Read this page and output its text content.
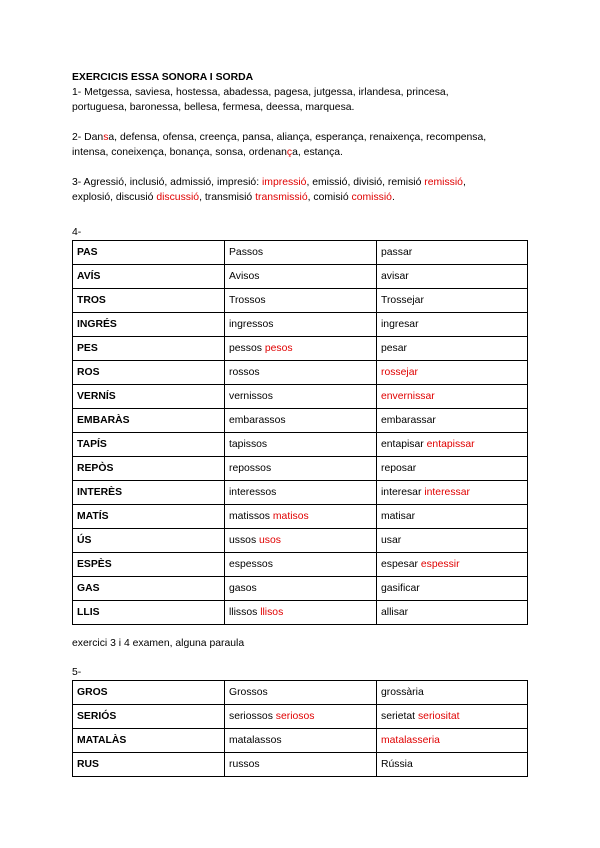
EXERCICIS ESSA SONORA I SORDA

1- Metgessa, saviesa, hostessa, abadessa, pagesa, jutgessa, irlandesa, princesa,

portuguesa, baronessa, bellesa, fermesa, deessa, marquesa.

2- Dansa, defensa, ofensa, creença, pansa, aliança, esperança, renaixença, recompensa,

intensa, coneixença, bonança, sonsa, ordenança, estança.

3- Agressió, inclusió, admissió, impresió: impressió, emissió, divisió, remisió remissió,

explosió, discusió discussió, transmisió transmissió, comisió comissió.

4-

PAS	Passos	passar
AVÍS	Avisos	avisar
TROS	Trossos	Trossejar
INGRÉS	ingressos	ingresar
PES	pessos pesos	pesar
ROS	rossos	rossejar
VERNÍS	vernissos	envernissar
EMBARÀS	embarassos	embarassar
TAPÍS	tapissos	entapisar entapissar
REPÒS	repossos	reposar
INTERÈS	interessos	interesar interessar
MATÍS	matissos matisos	matisar
ÚS	ussos usos	usar
ESPÈS	espessos	espesar espessir
GAS	gasos	gasificar
LLIS	llissos llisos	allisar

exercici 3 i 4 examen, alguna paraula

5-

GROS	Grossos	grossària
SERIÓS	seriossos seriosos	serietat seriositat
MATALÀS	matalassos	matalasseria
RUS	russos	Rússia
